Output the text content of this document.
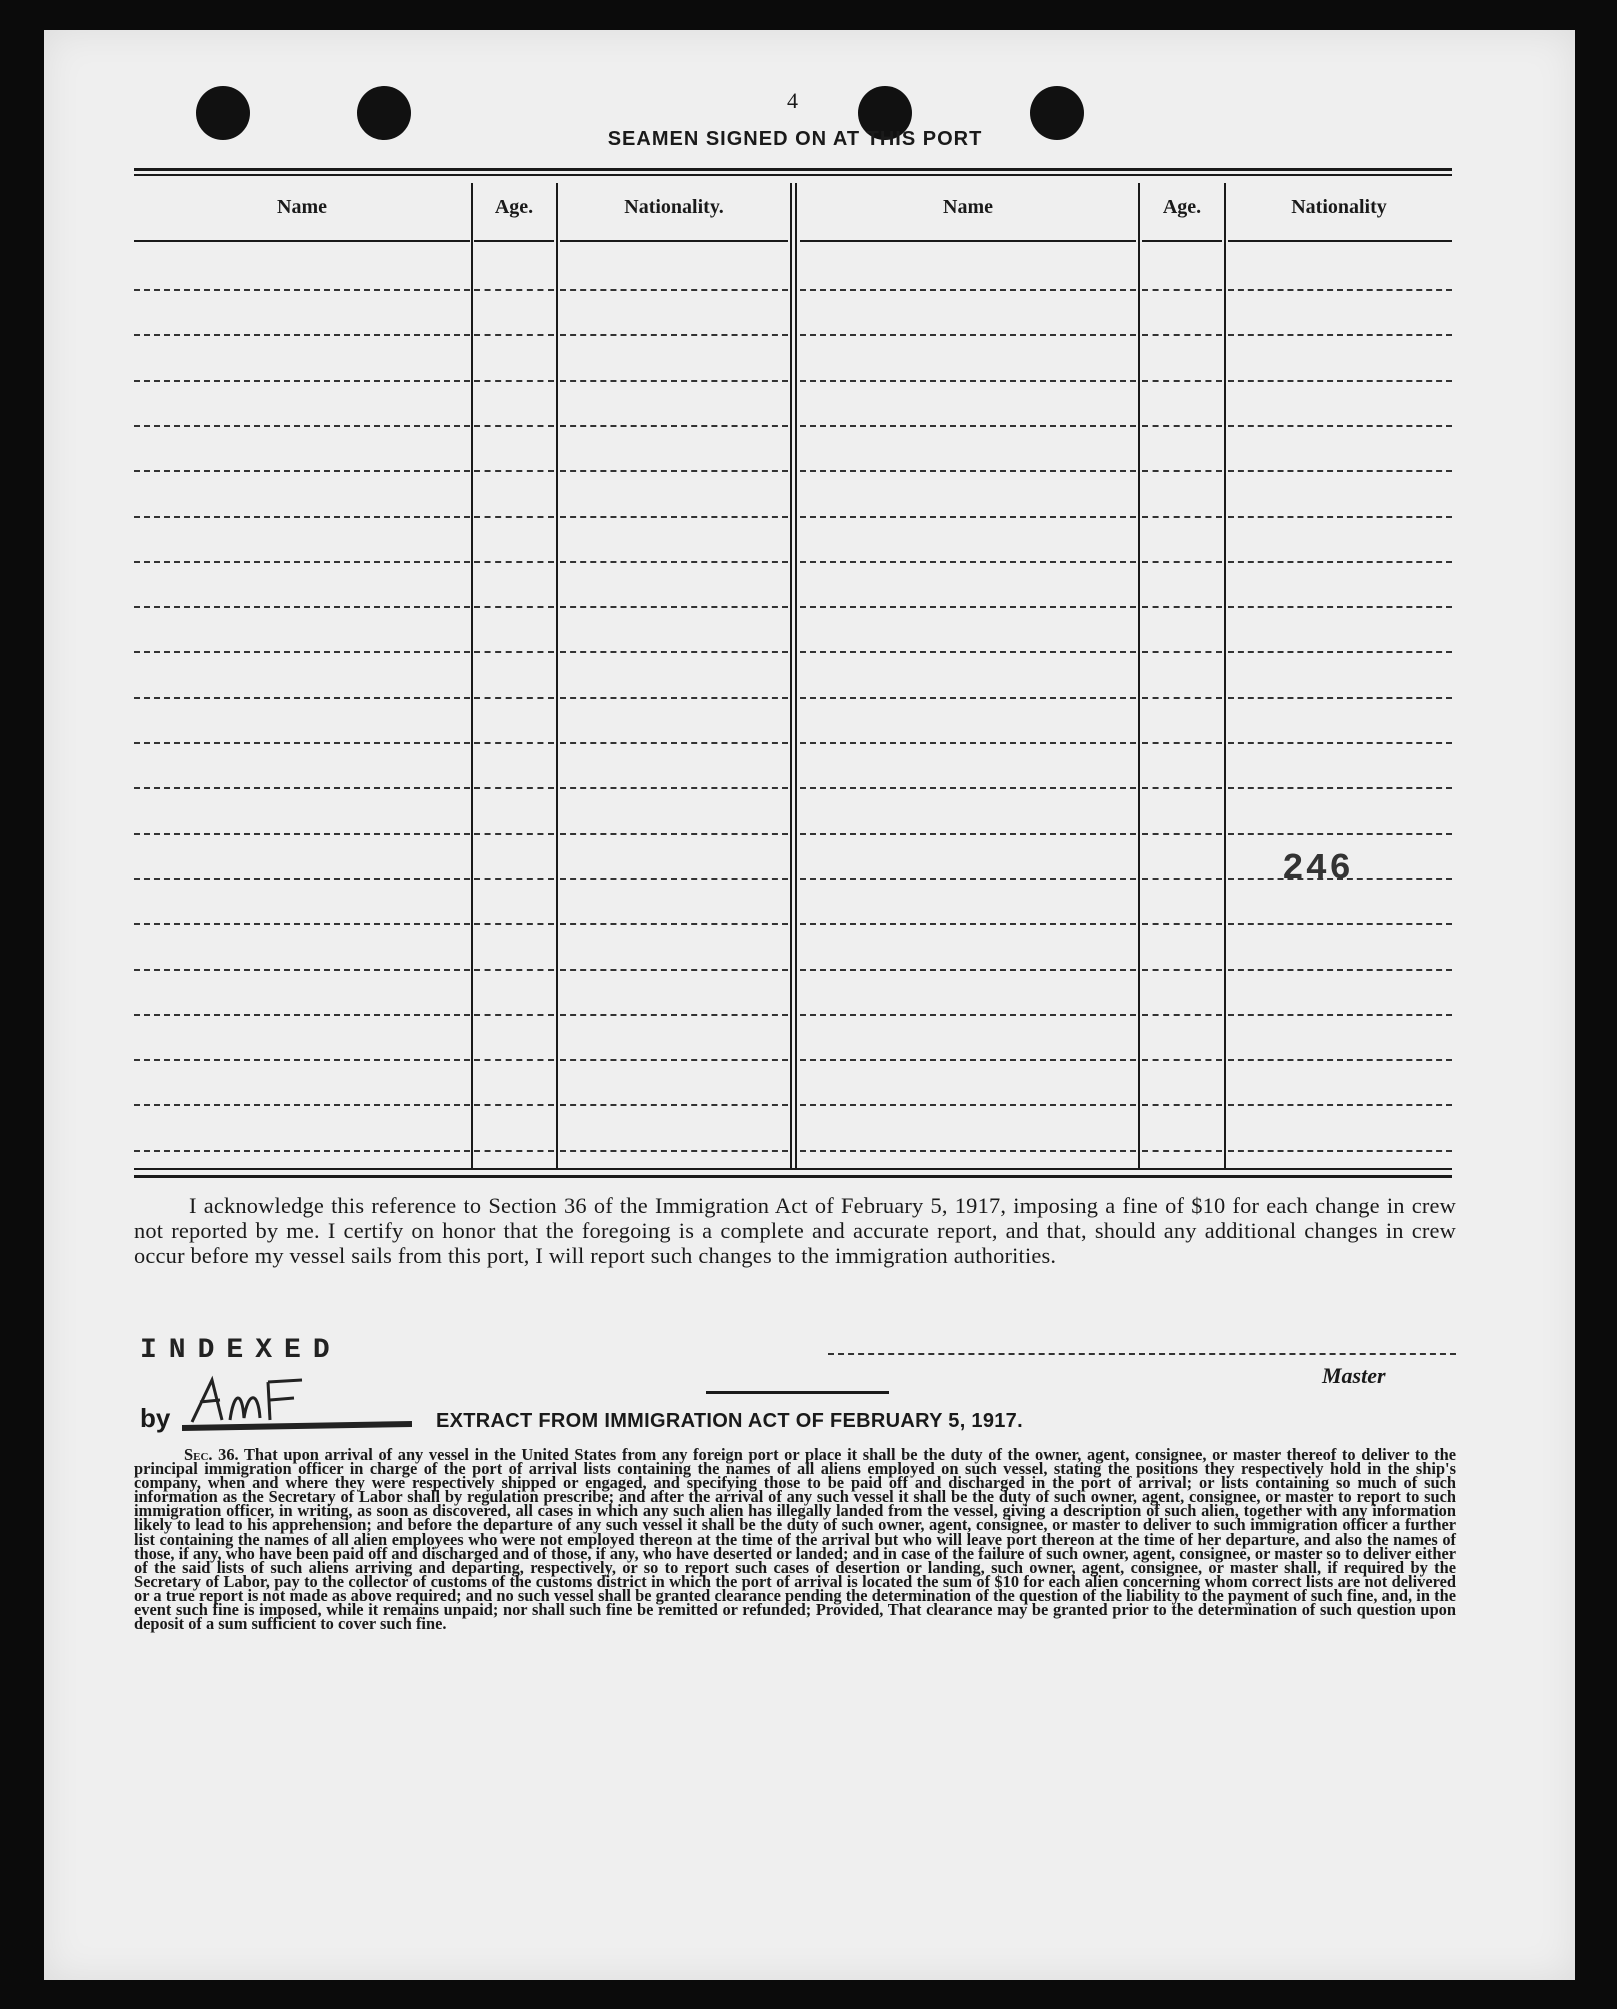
4
SEAMEN SIGNED ON AT THIS PORT
Name	Age.	Nationality.	Name	Age.	Nationality
246
I acknowledge this reference to Section 36 of the Immigration Act of February 5, 1917, imposing a fine of $10 for each change in crew not reported by me. I certify on honor that the foregoing is a complete and accurate report, and that, should any additional changes in crew occur before my vessel sails from this port, I will report such changes to the immigration authorities.
INDEXED
by
Master
EXTRACT FROM IMMIGRATION ACT OF FEBRUARY 5, 1917.
Sec. 36. That upon arrival of any vessel in the United States from any foreign port or place it shall be the duty of the owner, agent, consignee, or master thereof to deliver to the principal immigration officer in charge of the port of arrival lists containing the names of all aliens employed on such vessel, stating the positions they respectively hold in the ship's company, when and where they were respectively shipped or engaged, and specifying those to be paid off and discharged in the port of arrival; or lists containing so much of such information as the Secretary of Labor shall by regulation prescribe; and after the arrival of any such vessel it shall be the duty of such owner, agent, consignee, or master to report to such immigration officer, in writing, as soon as discovered, all cases in which any such alien has illegally landed from the vessel, giving a description of such alien, together with any information likely to lead to his apprehension; and before the departure of any such vessel it shall be the duty of such owner, agent, consignee, or master to deliver to such immigration officer a further list containing the names of all alien employees who were not employed thereon at the time of the arrival but who will leave port thereon at the time of her departure, and also the names of those, if any, who have been paid off and discharged and of those, if any, who have deserted or landed; and in case of the failure of such owner, agent, consignee, or master so to deliver either of the said lists of such aliens arriving and departing, respectively, or so to report such cases of desertion or landing, such owner, agent, consignee, or master shall, if required by the Secretary of Labor, pay to the collector of customs of the customs district in which the port of arrival is located the sum of $10 for each alien concerning whom correct lists are not delivered or a true report is not made as above required; and no such vessel shall be granted clearance pending the determination of the question of the liability to the payment of such fine, and, in the event such fine is imposed, while it remains unpaid; nor shall such fine be remitted or refunded; Provided, That clearance may be granted prior to the determination of such question upon deposit of a sum sufficient to cover such fine.
